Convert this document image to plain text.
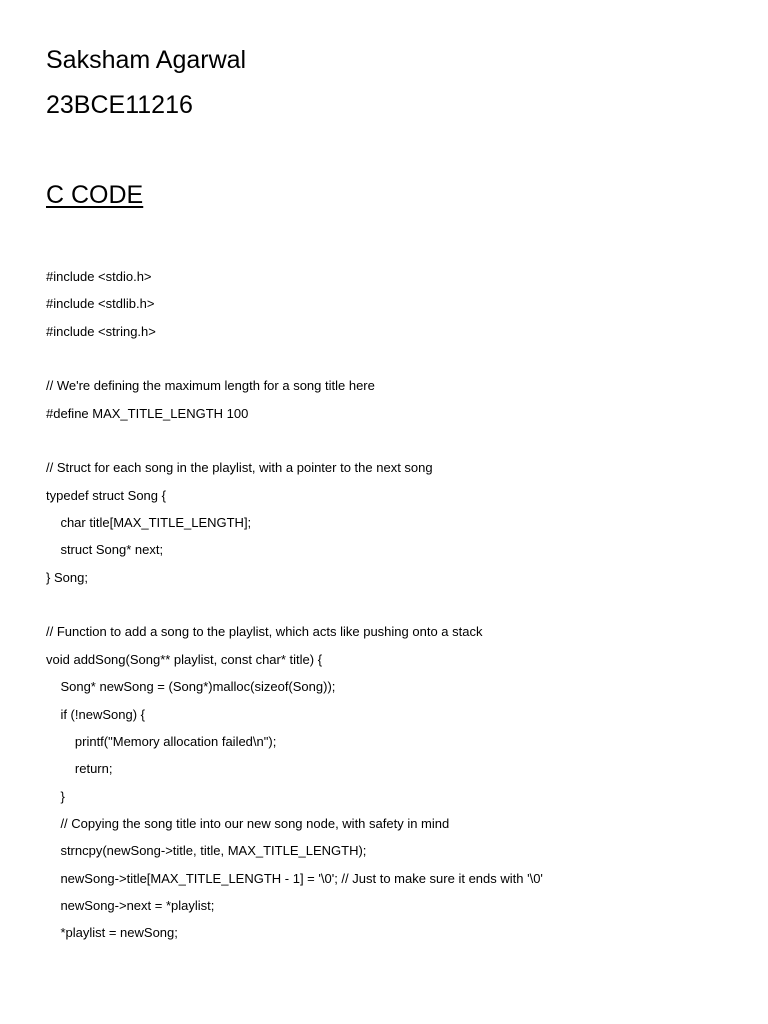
Saksham Agarwal
23BCE11216
C CODE
#include <stdio.h>
#include <stdlib.h>
#include <string.h>
// We're defining the maximum length for a song title here
#define MAX_TITLE_LENGTH 100
// Struct for each song in the playlist, with a pointer to the next song
typedef struct Song {
char title[MAX_TITLE_LENGTH];
struct Song* next;
} Song;
// Function to add a song to the playlist, which acts like pushing onto a stack
void addSong(Song** playlist, const char* title) {
Song* newSong = (Song*)malloc(sizeof(Song));
if (!newSong) {
printf("Memory allocation failed\n");
return;
}
// Copying the song title into our new song node, with safety in mind
strncpy(newSong->title, title, MAX_TITLE_LENGTH);
newSong->title[MAX_TITLE_LENGTH - 1] = '\0'; // Just to make sure it ends with '\0'
newSong->next = *playlist;
*playlist = newSong;
